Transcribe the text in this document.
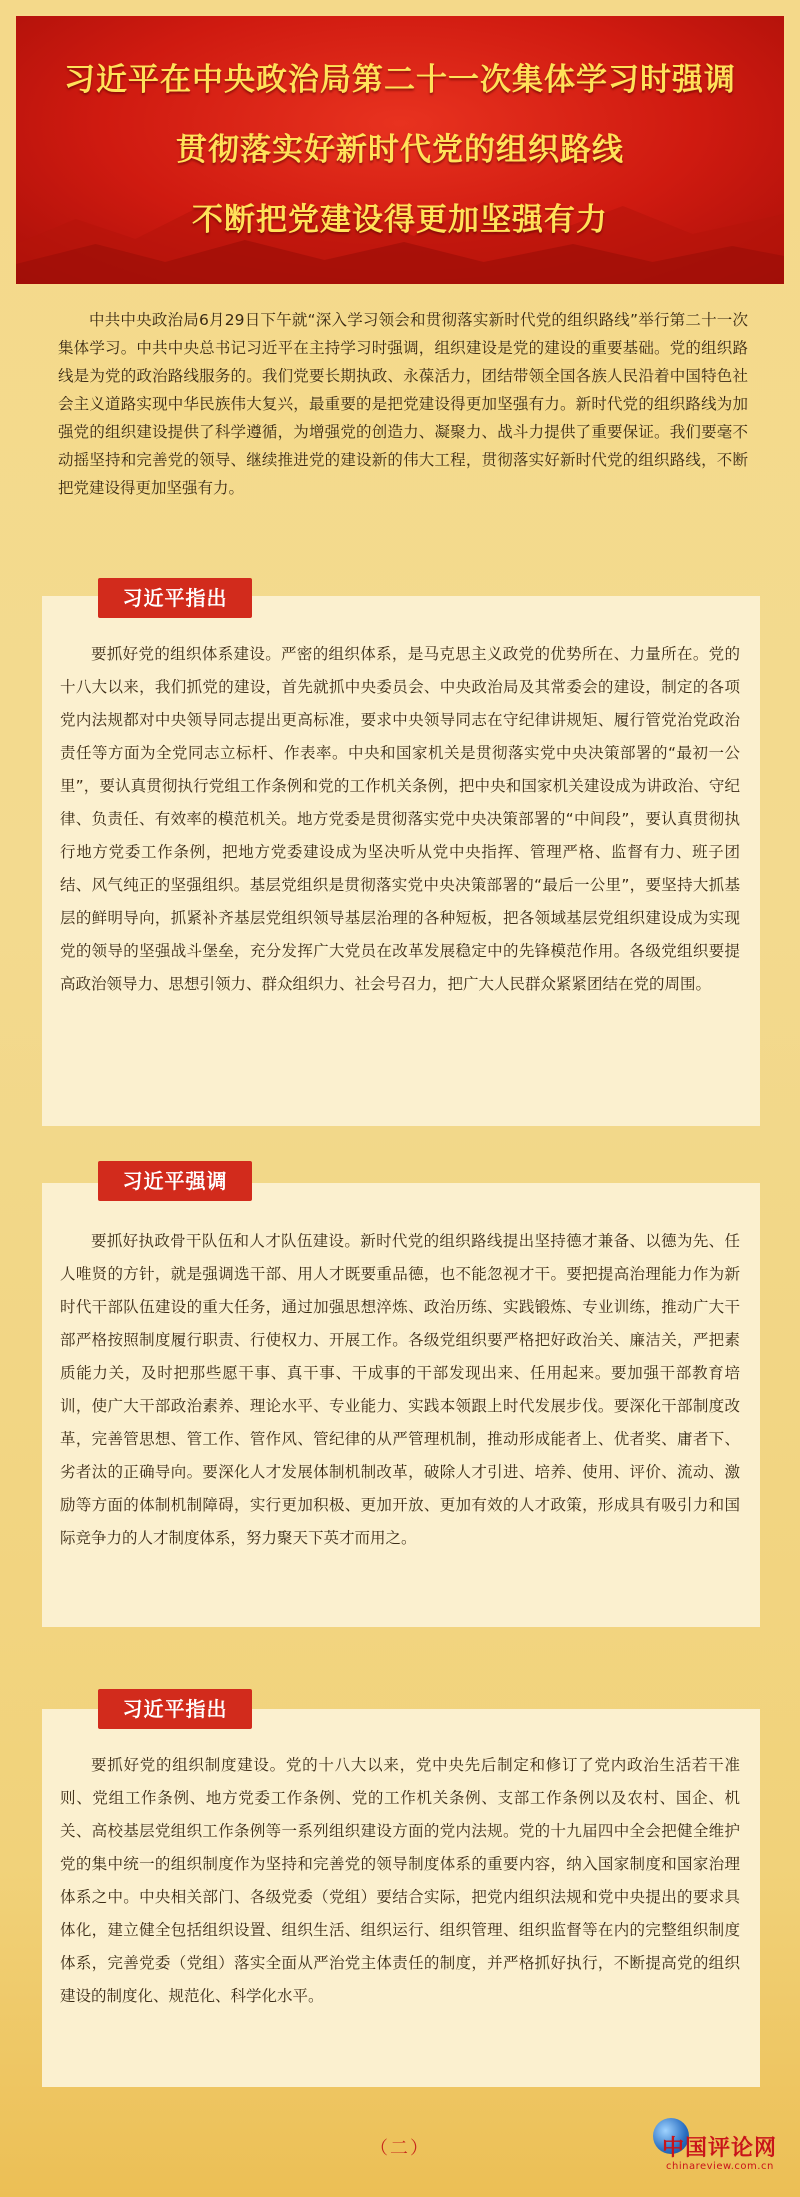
习近平在中央政治局第二十一次集体学习时强调
贯彻落实好新时代党的组织路线
不断把党建设得更加坚强有力
中共中央政治局6月29日下午就“深入学习领会和贯彻落实新时代党的组织路线”举行第二十一次集体学习。中共中央总书记习近平在主持学习时强调，组织建设是党的建设的重要基础。党的组织路线是为党的政治路线服务的。我们党要长期执政、永葆活力，团结带领全国各族人民沿着中国特色社会主义道路实现中华民族伟大复兴，最重要的是把党建设得更加坚强有力。新时代党的组织路线为加强党的组织建设提供了科学遵循，为增强党的创造力、凝聚力、战斗力提供了重要保证。我们要毫不动摇坚持和完善党的领导、继续推进党的建设新的伟大工程，贯彻落实好新时代党的组织路线，不断把党建设得更加坚强有力。

要抓好党的组织体系建设。严密的组织体系，是马克思主义政党的优势所在、力量所在。党的十八大以来，我们抓党的建设，首先就抓中央委员会、中央政治局及其常委会的建设，制定的各项党内法规都对中央领导同志提出更高标准，要求中央领导同志在守纪律讲规矩、履行管党治党政治责任等方面为全党同志立标杆、作表率。中央和国家机关是贯彻落实党中央决策部署的“最初一公里”，要认真贯彻执行党组工作条例和党的工作机关条例，把中央和国家机关建设成为讲政治、守纪律、负责任、有效率的模范机关。地方党委是贯彻落实党中央决策部署的“中间段”，要认真贯彻执行地方党委工作条例，把地方党委建设成为坚决听从党中央指挥、管理严格、监督有力、班子团结、风气纯正的坚强组织。基层党组织是贯彻落实党中央决策部署的“最后一公里”，要坚持大抓基层的鲜明导向，抓紧补齐基层党组织领导基层治理的各种短板，把各领域基层党组织建设成为实现党的领导的坚强战斗堡垒，充分发挥广大党员在改革发展稳定中的先锋模范作用。各级党组织要提高政治领导力、思想引领力、群众组织力、社会号召力，把广大人民群众紧紧团结在党的周围。

习近平指出

要抓好执政骨干队伍和人才队伍建设。新时代党的组织路线提出坚持德才兼备、以德为先、任人唯贤的方针，就是强调选干部、用人才既要重品德，也不能忽视才干。要把提高治理能力作为新时代干部队伍建设的重大任务，通过加强思想淬炼、政治历练、实践锻炼、专业训练，推动广大干部严格按照制度履行职责、行使权力、开展工作。各级党组织要严格把好政治关、廉洁关，严把素质能力关，及时把那些愿干事、真干事、干成事的干部发现出来、任用起来。要加强干部教育培训，使广大干部政治素养、理论水平、专业能力、实践本领跟上时代发展步伐。要深化干部制度改革，完善管思想、管工作、管作风、管纪律的从严管理机制，推动形成能者上、优者奖、庸者下、劣者汰的正确导向。要深化人才发展体制机制改革，破除人才引进、培养、使用、评价、流动、激励等方面的体制机制障碍，实行更加积极、更加开放、更加有效的人才政策，形成具有吸引力和国际竞争力的人才制度体系，努力聚天下英才而用之。

习近平强调

要抓好党的组织制度建设。党的十八大以来，党中央先后制定和修订了党内政治生活若干准则、党组工作条例、地方党委工作条例、党的工作机关条例、支部工作条例以及农村、国企、机关、高校基层党组织工作条例等一系列组织建设方面的党内法规。党的十九届四中全会把健全维护党的集中统一的组织制度作为坚持和完善党的领导制度体系的重要内容，纳入国家制度和国家治理体系之中。中央相关部门、各级党委（党组）要结合实际，把党内组织法规和党中央提出的要求具体化，建立健全包括组织设置、组织生活、组织运行、组织管理、组织监督等在内的完整组织制度体系，完善党委（党组）落实全面从严治党主体责任的制度，并严格抓好执行，不断提高党的组织建设的制度化、规范化、科学化水平。

习近平指出
（二）	中国评论网
chinareview.com.cn
